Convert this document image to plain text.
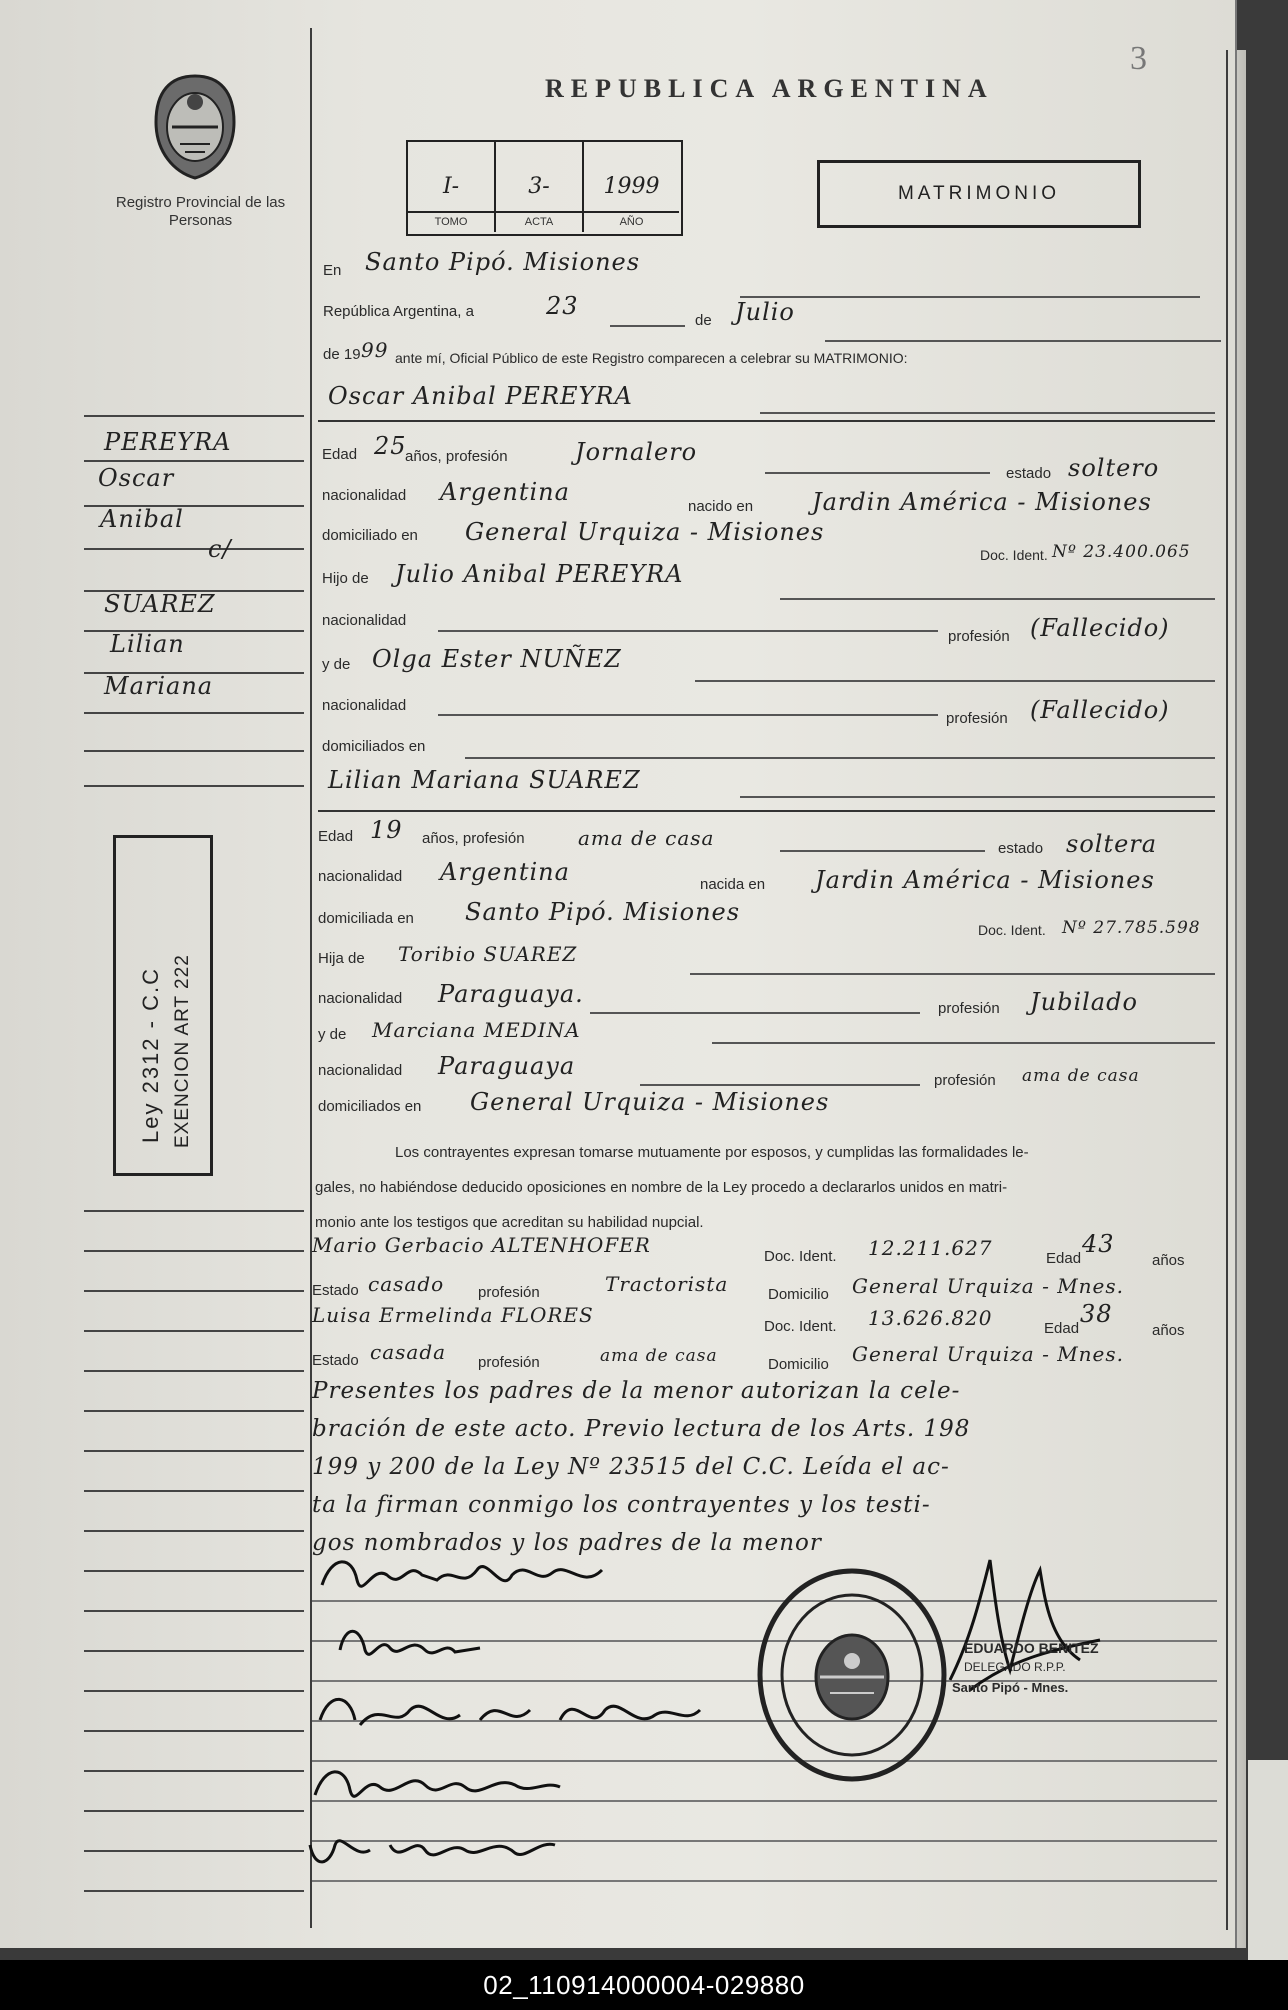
3
REPUBLICA ARGENTINA
Registro Provincial de las Personas
I-
TOMO
3-
ACTA
1999
AÑO
MATRIMONIO
PEREYRA
Oscar
Anibal
c/
SUAREZ
Lilian
Mariana
Ley 2312 - C.C EXENCION ART 222
En Santo Pipó. Misiones
República Argentina, a	23
de Julio
de 19 99 ante mí, Oficial Público de este Registro comparecen a celebrar su MATRIMONIO:
Oscar Anibal PEREYRA
Edad 25
años, profesión	Jornalero
estado soltero
nacionalidad Argentina
nacido en Jardin América - Misiones
domiciliado en General Urquiza - Misiones
Doc. Ident. Nº 23.400.065
Hijo de Julio Anibal PEREYRA
nacionalidad
profesión (Fallecido)
y de Olga Ester NUÑEZ
nacionalidad
profesión (Fallecido)
domiciliados en
Lilian Mariana SUAREZ
Edad 19 años, profesión	ama de casa	estado soltera
nacionalidad Argentina	nacida en Jardin América - Misiones
domiciliada en Santo Pipó. Misiones
Doc. Ident. Nº 27.785.598
Hija de Toribio SUAREZ
nacionalidad Paraguaya.
profesión Jubilado
y de Marciana MEDINA
nacionalidad Paraguaya
profesión ama de casa
domiciliados en General Urquiza - Misiones
Los contrayentes expresan tomarse mutuamente por esposos, y cumplidas las formalidades le-
gales, no habiéndose deducido oposiciones en nombre de la Ley procedo a declararlos unidos en matri-
monio ante los testigos que acreditan su habilidad nupcial.
Mario Gerbacio ALTENHOFER	Doc. Ident. 12.211.627	Edad
43
años
Estado casado profesión	Tractorista	Domicilio General Urquiza - Mnes.
Luisa Ermelinda FLORES	Doc. Ident. 13.626.820	Edad
38
años
Estado casada profesión	ama de casa	Domicilio General Urquiza - Mnes.
Presentes los padres de la menor autorizan la cele-
bración de este acto. Previo lectura de los Arts. 198
199 y 200 de la Ley Nº 23515 del C.C. Leída el ac-
ta la firman conmigo los contrayentes y los testi-
gos nombrados y los padres de la menor
EDUARDO BENITEZ
DELEGADO R.P.P.
Santo Pipó - Mnes.
02_110914000004-029880
